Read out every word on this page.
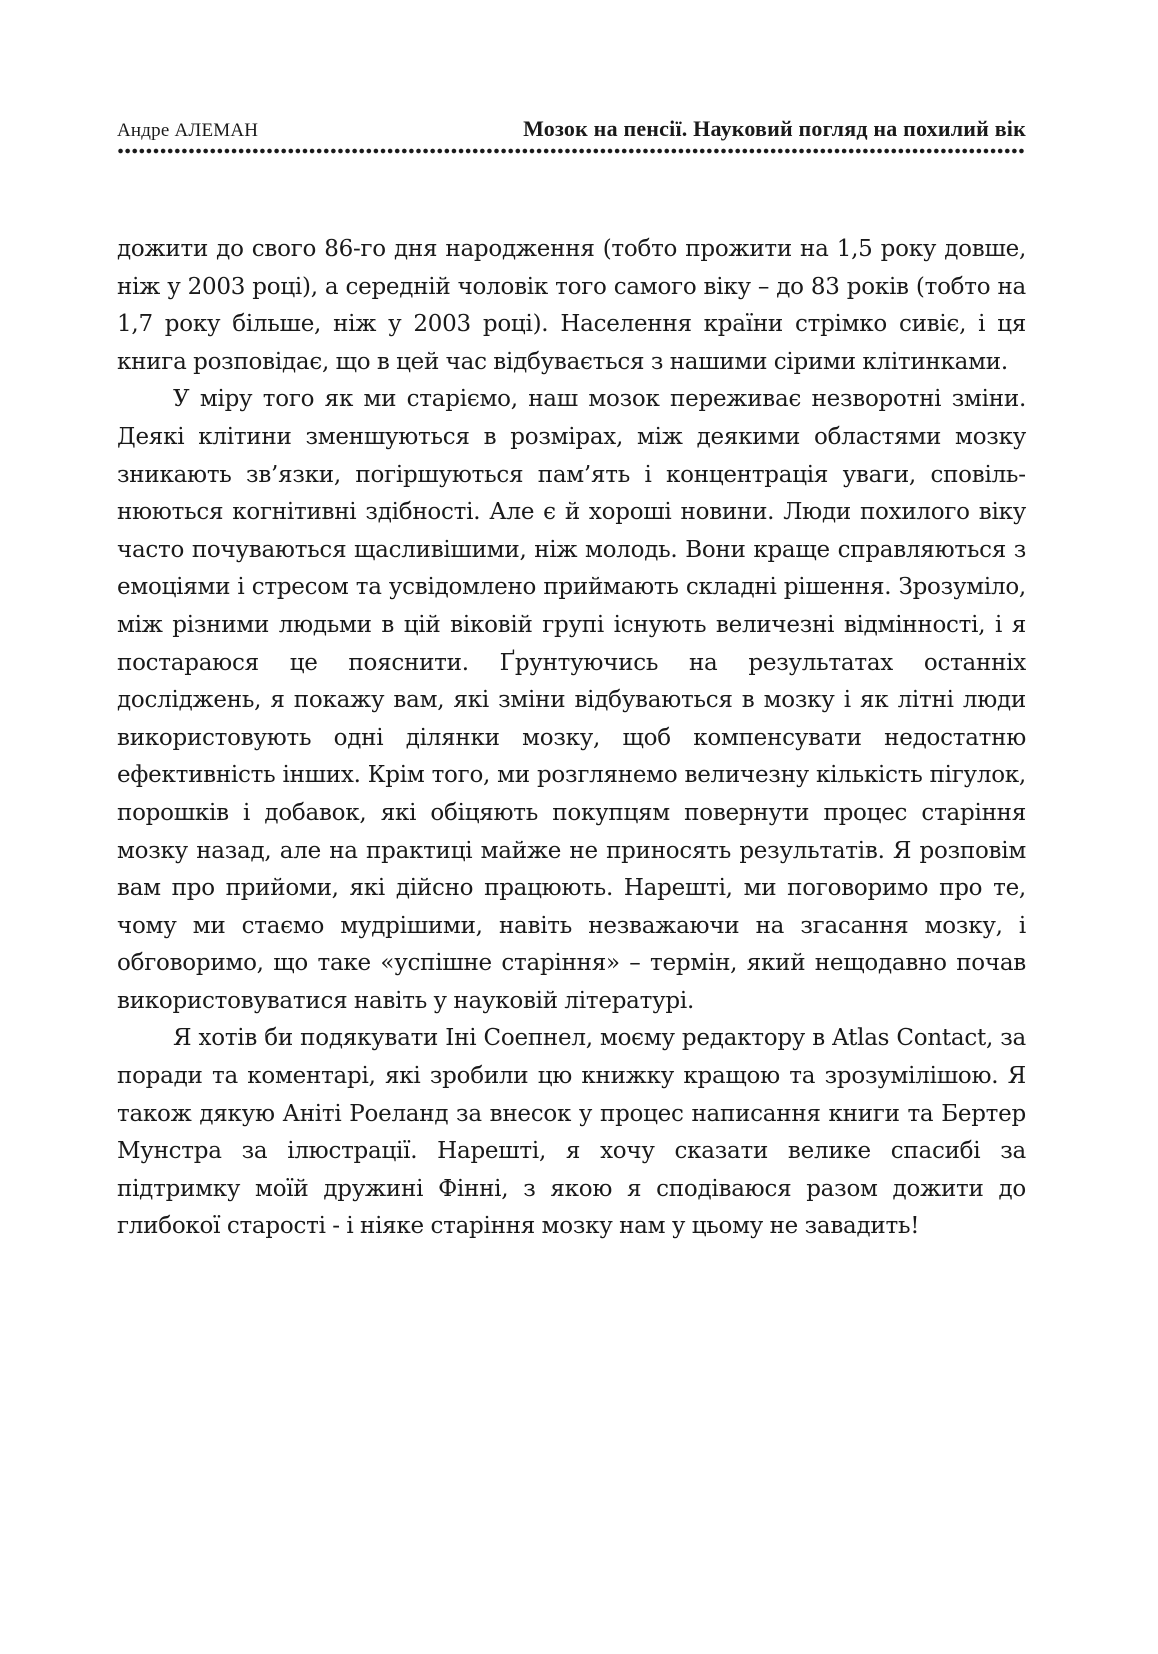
Андре АЛЕМАН	Мозок на пенсії. Науковий погляд на похилий вік

дожити до свого 86-го дня народження (тобто прожити на 1,5 року довше, ніж у 2003 році), а середній чоловік того самого віку – до 83 років (тобто на 1,7 року більше, ніж у 2003 році). Населення країни стрімко сивіє, і ця книга розповідає, що в цей час відбувається з нашими сірими клітинками.

У міру того як ми старіємо, наш мозок переживає незворотні зміни. Деякі клітини зменшуються в розмірах, між деякими областями мозку зникають зв’язки, погіршуються пам’ять і концентрація уваги, сповільнюються когнітивні здібності. Але є й хороші новини. Люди похилого віку часто почуваються щасливішими, ніж молодь. Вони краще справляються з емоціями і стресом та усвідомлено приймають складні рішення. Зрозуміло, між різними людьми в цій віковій групі існують величезні відмінності, і я постараюся це пояснити. Ґрунтуючись на результатах останніх досліджень, я покажу вам, які зміни відбуваються в мозку і як літні люди використовують одні ділянки мозку, щоб компенсувати недостатню ефективність інших. Крім того, ми розглянемо величезну кількість пігулок, порошків і добавок, які обіцяють покупцям повернути процес старіння мозку назад, але на практиці майже не приносять результатів. Я розповім вам про прийоми, які дійсно працюють. Нарешті, ми поговоримо про те, чому ми стаємо мудрішими, навіть незважаючи на згасання мозку, і обговоримо, що таке «успішне старіння» – термін, який нещодавно почав використовуватися навіть у науковій літературі.

Я хотів би подякувати Іні Соепнел, моєму редактору в Atlas Contact, за поради та коментарі, які зробили цю книжку кращою та зрозумілішою. Я також дякую Аніті Роеланд за внесок у процес написання книги та Бертер Мунстра за ілюстрації. Нарешті, я хочу сказати велике спасибі за підтримку моїй дружині Фінні, з якою я сподіваюся разом дожити до глибокої старості - і ніяке старіння мозку нам у цьому не завадить!
